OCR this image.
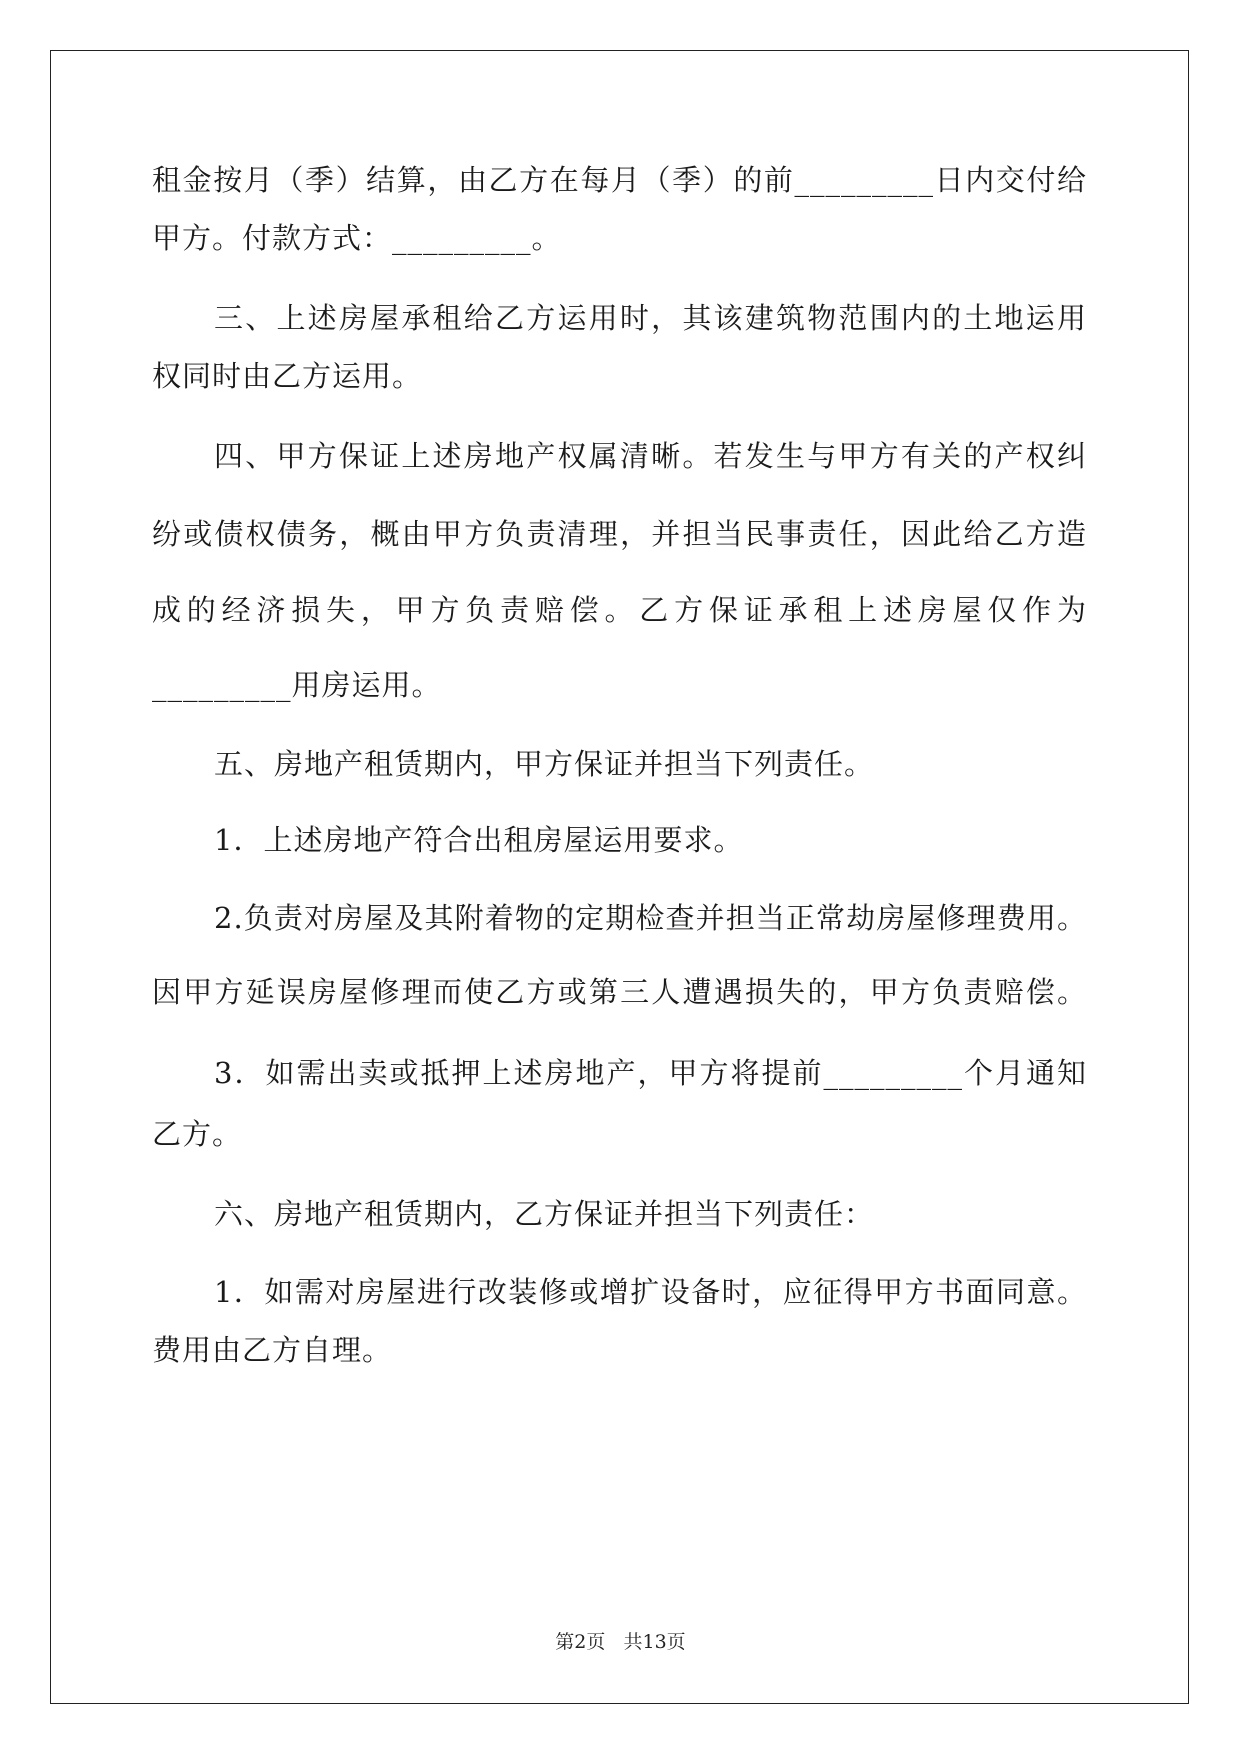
租金按月（季）结算，由乙方在每月（季）的前_________日内交付给
甲方。付款方式：_________。
三、上述房屋承租给乙方运用时，其该建筑物范围内的土地运用
权同时由乙方运用。
四、甲方保证上述房地产权属清晰。若发生与甲方有关的产权纠
纷或债权债务，概由甲方负责清理，并担当民事责任，因此给乙方造
成的经济损失，甲方负责赔偿。乙方保证承租上述房屋仅作为
_________用房运用。
五、房地产租赁期内，甲方保证并担当下列责任。
1．上述房地产符合出租房屋运用要求。
2.负责对房屋及其附着物的定期检查并担当正常劫房屋修理费用。
因甲方延误房屋修理而使乙方或第三人遭遇损失的，甲方负责赔偿。
3．如需出卖或抵押上述房地产，甲方将提前_________个月通知
乙方。
六、房地产租赁期内，乙方保证并担当下列责任：
1．如需对房屋进行改装修或增扩设备时，应征得甲方书面同意。
费用由乙方自理。
第2页   共13页
